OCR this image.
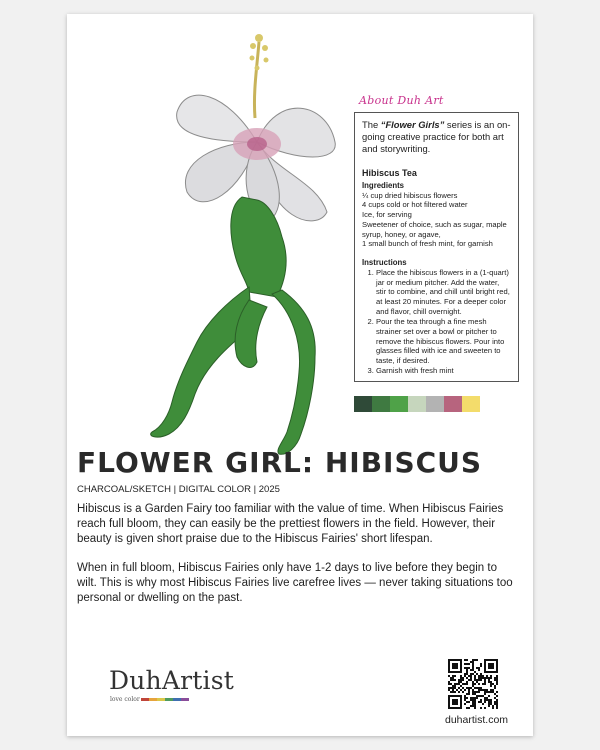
About Duh Art

The “Flower Girls” series is an on-going creative practice for both art and storywriting.

Hibiscus Tea

Ingredients

¼ cup dried hibiscus flowers
4 cups cold or hot filtered water
Ice, for serving
Sweetener of choice, such as sugar, maple syrup, honey, or agave,
1 small bunch of fresh mint, for garnish

Instructions

1. Place the hibiscus flowers in a (1-quart) jar or medium pitcher. Add the water, stir to combine, and chill until bright red, at least 20 minutes. For a deeper color and flavor, chill overnight.
2. Pour the tea through a fine mesh strainer set over a bowl or pitcher to remove the hibiscus flowers. Pour into glasses filled with ice and sweeten to taste, if desired.
3. Garnish with fresh mint
FLOWER GIRL: HIBISCUS
CHARCOAL/SKETCH | DIGITAL COLOR | 2025

Hibiscus is a Garden Fairy too familiar with the value of time. When Hibiscus Fairies reach full bloom, they can easily be the prettiest flowers in the field. However, their beauty is given short praise due to the Hibiscus Fairies' short lifespan.

When in full bloom, Hibiscus Fairies only have 1-2 days to live before they begin to wilt. This is why most Hibiscus Fairies live carefree lives — never taking situations too personal or dwelling on the past.

DuhArtist
love color
duhartist.com
